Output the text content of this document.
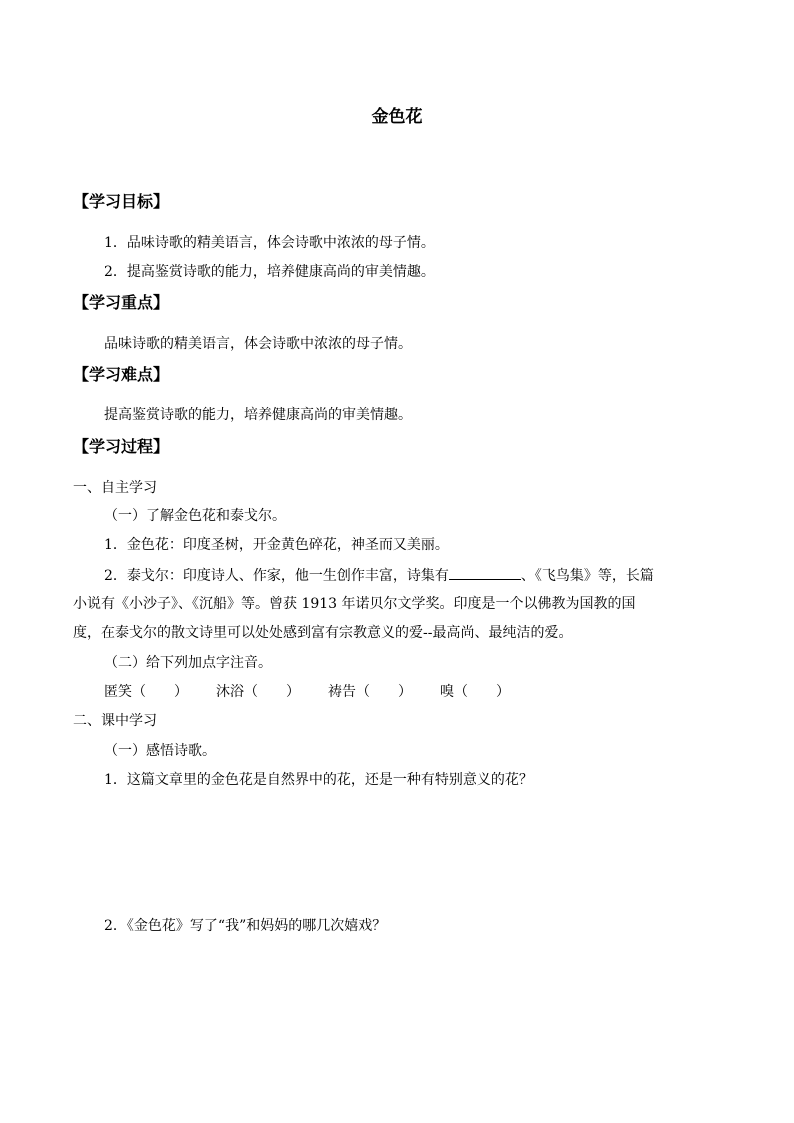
金色花
【学习目标】
1．品味诗歌的精美语言，体会诗歌中浓浓的母子情。
2．提高鉴赏诗歌的能力，培养健康高尚的审美情趣。
【学习重点】
品味诗歌的精美语言，体会诗歌中浓浓的母子情。
【学习难点】
提高鉴赏诗歌的能力，培养健康高尚的审美情趣。
【学习过程】
一、自主学习
（一）了解金色花和泰戈尔。
1．金色花：印度圣树，开金黄色碎花，神圣而又美丽。
2．泰戈尔：印度诗人、作家，他一生创作丰富，诗集有	、《飞鸟集》等，长篇
小说有《小沙子》、《沉船》等。曾获 1913 年诺贝尔文学奖。印度是一个以佛教为国教的国
度，在泰戈尔的散文诗里可以处处感到富有宗教意义的爱--最高尚、最纯洁的爱。
（二）给下列加点字注音。
匿笑（　　） 沐浴（　　） 祷告（　　） 嗅（　　）
二、课中学习
（一）感悟诗歌。
1．这篇文章里的金色花是自然界中的花，还是一种有特别意义的花？
2．《金色花》写了“我”和妈妈的哪几次嬉戏？
